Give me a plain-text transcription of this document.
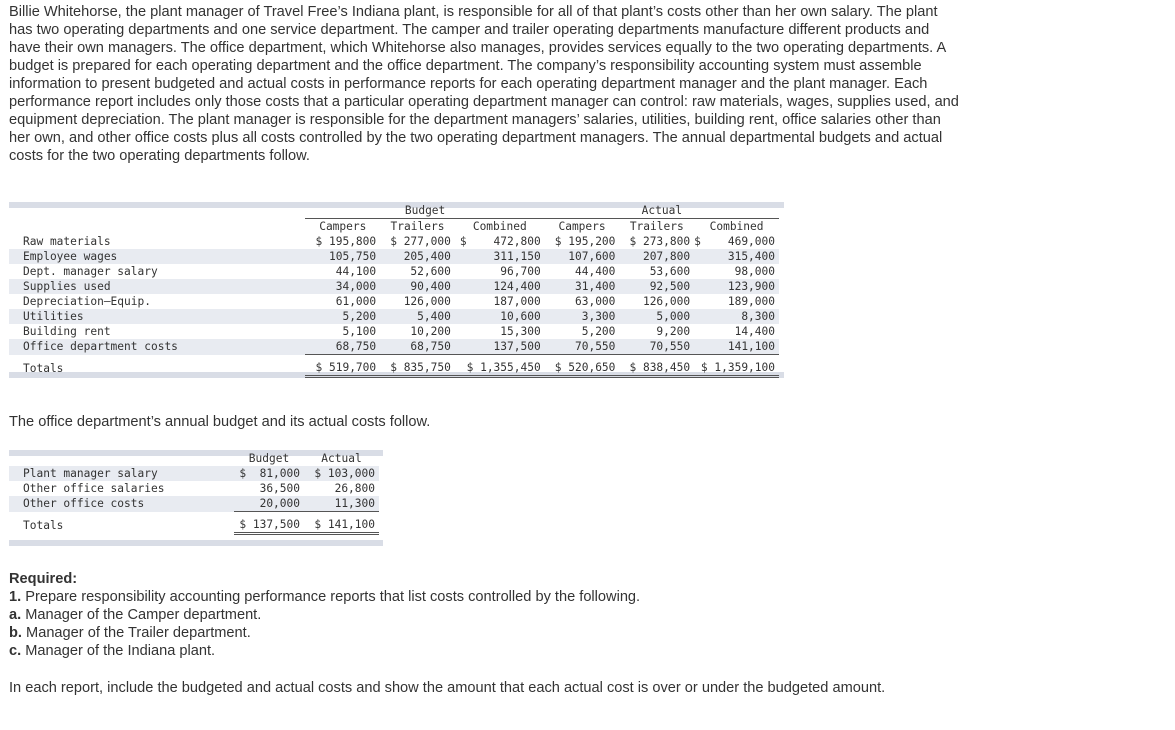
Billie Whitehorse, the plant manager of Travel Free’s Indiana plant, is responsible for all of that plant’s costs other than her own salary. The plant has two operating departments and one service department. The camper and trailer operating departments manufacture different products and have their own managers. The office department, which Whitehorse also manages, provides services equally to the two operating departments. A budget is prepared for each operating department and the office department. The company’s responsibility accounting system must assemble information to present budgeted and actual costs in performance reports for each operating department manager and the plant manager. Each performance report includes only those costs that a particular operating department manager can control: raw materials, wages, supplies used, and equipment depreciation. The plant manager is responsible for the department managers’ salaries, utilities, building rent, office salaries other than her own, and other office costs plus all costs controlled by the two operating department managers. The annual departmental budgets and actual costs for the two operating departments follow.
	Budget			Actual		
	Campers	Trailers	Combined	Campers	Trailers	Combined
Raw materials	$ 195,800	$ 277,000	$    472,800	$ 195,200	$ 273,800	$    469,000
Employee wages	105,750	205,400	311,150	107,600	207,800	315,400
Dept. manager salary	44,100	52,600	96,700	44,400	53,600	98,000
Supplies used	34,000	90,400	124,400	31,400	92,500	123,900
Depreciation—Equip.	61,000	126,000	187,000	63,000	126,000	189,000
Utilities	5,200	5,400	10,600	3,300	5,000	8,300
Building rent	5,100	10,200	15,300	5,200	9,200	14,400
Office department costs	68,750	68,750	137,500	70,550	70,550	141,100

Totals	$ 519,700	$ 835,750	$ 1,355,450	$ 520,650	$ 838,450	$ 1,359,100
The office department’s annual budget and its actual costs follow.
	Budget	Actual
Plant manager salary	$  81,000	$ 103,000
Other office salaries	36,500	26,800
Other office costs	20,000	11,300

Totals	$ 137,500	$ 141,100
Required:
1. Prepare responsibility accounting performance reports that list costs controlled by the following.
a. Manager of the Camper department.
b. Manager of the Trailer department.
c. Manager of the Indiana plant.
In each report, include the budgeted and actual costs and show the amount that each actual cost is over or under the budgeted amount.
